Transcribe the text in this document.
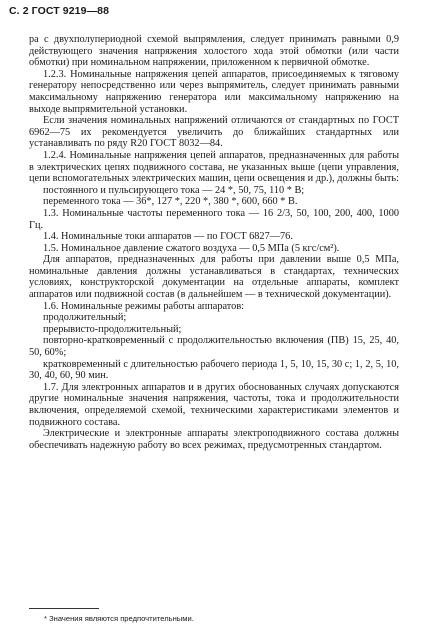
С. 2 ГОСТ 9219—88

ра с двухполупериодной схемой выпрямления, следует принимать равными 0,9 действующего значения напряжения холостого хода этой обмотки (или части обмотки) при номинальном напряжении, приложенном к первичной обмотке.

1.2.3. Номинальные напряжения цепей аппаратов, присоединяемых к тяговому генератору непосредственно или через выпрямитель, следует принимать равными максимальному напряжению генератора или максимальному напряжению на выходе выпрямительной установки.

Если значения номинальных напряжений отличаются от стандартных по ГОСТ 6962—75 их рекомендуется увеличить до ближайших стандартных или устанавливать по ряду R20 ГОСТ 8032—84.

1.2.4. Номинальные напряжения цепей аппаратов, предназначенных для работы в электрических цепях подвижного состава, не указанных выше (цепи управления, цепи вспомогательных электрических машин, цепи освещения и др.), должны быть:

постоянного и пульсирующего тока — 24 *, 50, 75, 110 * В;

переменного тока — 36*, 127 *, 220 *, 380 *, 600, 660 * В.

1.3. Номинальные частоты переменного тока — 16 2/3, 50, 100, 200, 400, 1000 Гц.

1.4. Номинальные токи аппаратов — по ГОСТ 6827—76.

1.5. Номинальное давление сжатого воздуха — 0,5 МПа (5 кгс/см²).

Для аппаратов, предназначенных для работы при давлении выше 0,5 МПа, номинальные давления должны устанавливаться в стандартах, технических условиях, конструкторской документации на отдельные аппараты, комплект аппаратов или подвижной состав (в дальнейшем — в технической документации).

1.6. Номинальные режимы работы аппаратов:

продолжительный;

прерывисто-продолжительный;

повторно-кратковременный с продолжительностью включения (ПВ) 15, 25, 40, 50, 60%;

кратковременный с длительностью рабочего периода 1, 5, 10, 15, 30 с; 1, 2, 5, 10, 30, 40, 60, 90 мин.

1.7. Для электронных аппаратов и в других обоснованных случаях допускаются другие номинальные значения напряжения, частоты, тока и продолжительности включения, определяемой схемой, техническими характеристиками элементов и подвижного состава.

Электрические и электронные аппараты электроподвижного состава должны обеспечивать надежную работу во всех режимах, предусмотренных стандартом.

* Значения являются предпочтительными.
